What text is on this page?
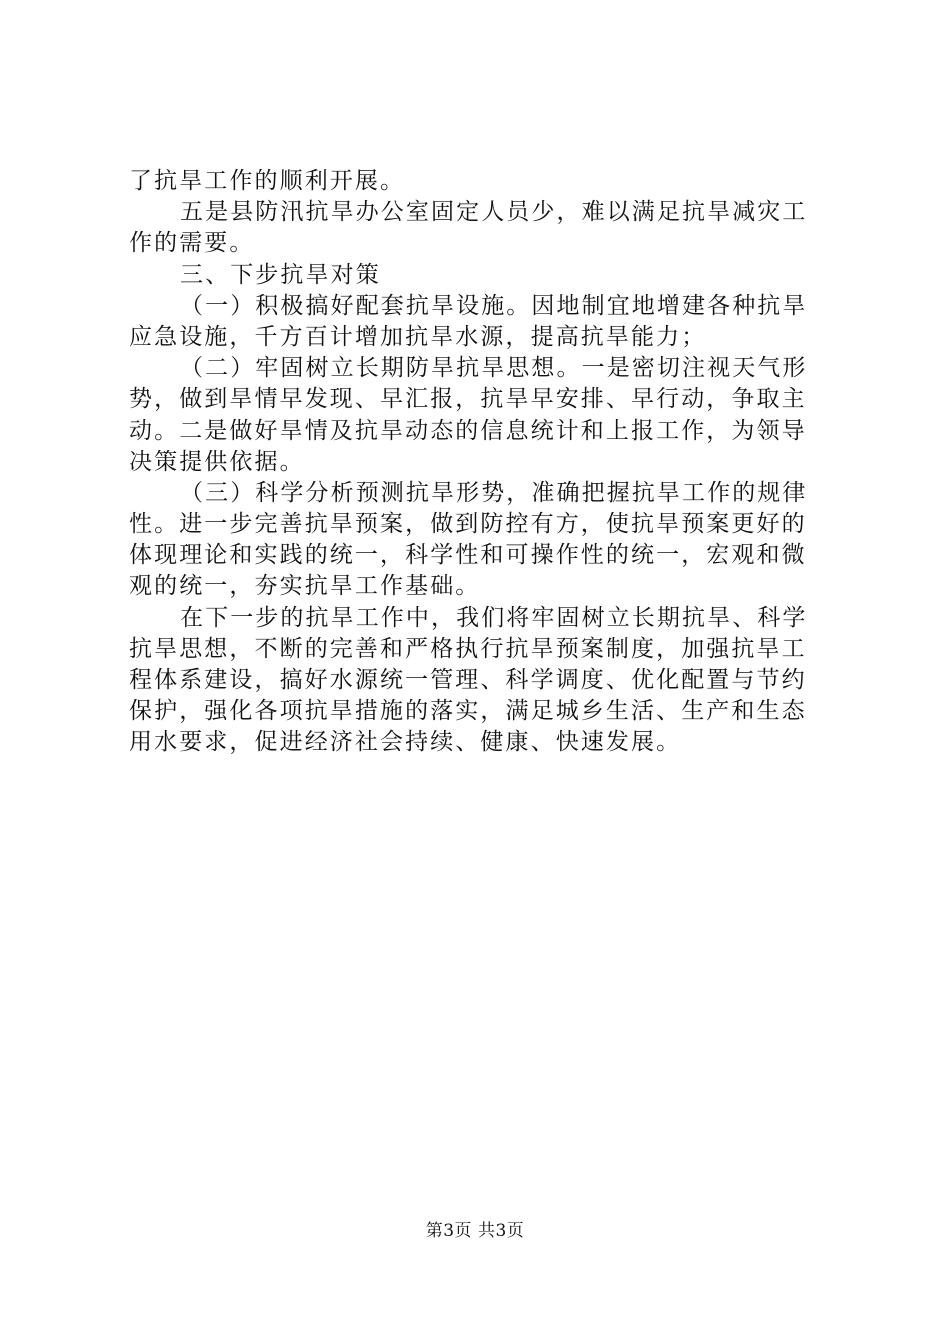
了抗旱工作的顺利开展。
五是县防汛抗旱办公室固定人员少，难以满足抗旱减灾工
作的需要。
三、下步抗旱对策
（一）积极搞好配套抗旱设施。因地制宜地增建各种抗旱
应急设施，千方百计增加抗旱水源，提高抗旱能力；
（二）牢固树立长期防旱抗旱思想。一是密切注视天气形
势，做到旱情早发现、早汇报，抗旱早安排、早行动，争取主
动。二是做好旱情及抗旱动态的信息统计和上报工作，为领导
决策提供依据。
（三）科学分析预测抗旱形势，准确把握抗旱工作的规律
性。进一步完善抗旱预案，做到防控有方，使抗旱预案更好的
体现理论和实践的统一，科学性和可操作性的统一，宏观和微
观的统一，夯实抗旱工作基础。
在下一步的抗旱工作中，我们将牢固树立长期抗旱、科学
抗旱思想，不断的完善和严格执行抗旱预案制度，加强抗旱工
程体系建设，搞好水源统一管理、科学调度、优化配置与节约
保护，强化各项抗旱措施的落实，满足城乡生活、生产和生态
用水要求，促进经济社会持续、健康、快速发展。
第3页 共3页
